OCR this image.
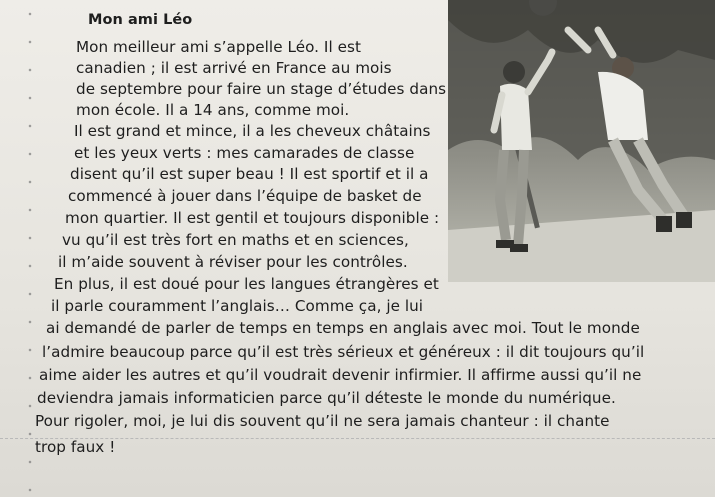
Mon ami Léo
Mon meilleur ami s’appelle Léo. Il est
canadien ; il est arrivé en France au mois
de septembre pour faire un stage d’études dans
mon école. Il a 14 ans, comme moi.
Il est grand et mince, il a les cheveux châtains
et les yeux verts : mes camarades de classe
disent qu’il est super beau ! Il est sportif et il a
commencé à jouer dans l’équipe de basket de
mon quartier. Il est gentil et toujours disponible :
vu qu’il est très fort en maths et en sciences,
il m’aide souvent à réviser pour les contrôles.
En plus, il est doué pour les langues étrangères et
il parle couramment l’anglais… Comme ça, je lui
ai demandé de parler de temps en temps en anglais avec moi. Tout le monde
l’admire beaucoup parce qu’il est très sérieux et généreux : il dit toujours qu’il
aime aider les autres et qu’il voudrait devenir infirmier. Il affirme aussi qu’il ne
deviendra jamais informaticien parce qu’il déteste le monde du numérique.
Pour rigoler, moi, je lui dis souvent qu’il ne sera jamais chanteur : il chante
trop faux !
